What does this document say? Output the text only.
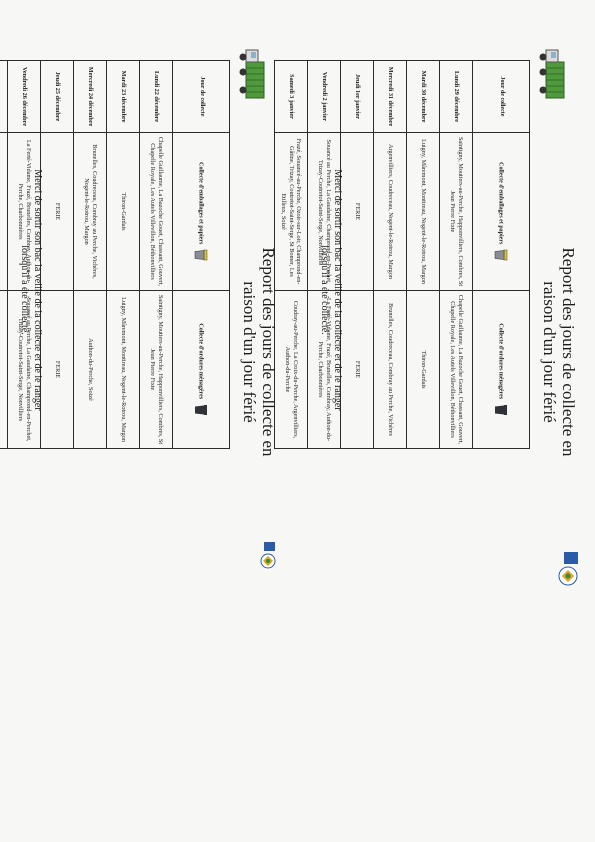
Report des jours de collecte en
raison d'un jour férié
Jour de collecte	Collecte d'emballages et papiers	Collecte d'ordures ménagères
Lundi 29 décembre	Saintigny, Moutiers-au-Perche, Happonvilliers, Combres, St Jean Pierre Fixte	Chapelle Guillaume, La Bazoche Gouet, Chassant, Gouvert, Chapelle Royale, Les Autels Villevillon, Béthonvilliers
Mardi 30 décembre	Luigny, Mâremont, Montireau, Nogent-le-Rotrou, Margon	Thiron-Gardais
Mercredi 31 décembre	Argenvilliers, Coudreceau, Nogent-le-Rotrou, Margon	Brunelles, Coudreceau, Combray au Perche, Vichères
Jeudi 1er janvier	FERIE	FERIE
Vendredi 2 janvier	Souancé au Perche, La Gaudaine, Champrond-en-Perchet, Trizay-Coutretot-Saint-Serge, Nonvilliers	La Ferté-Vidame, Frazé, Brunelles, Combray, Authon-du-Perche, Charbonnières
Samedi 3 janvier	Frazé, Souancé-au-Perche, Ozoir-sur-Loir, Champrond-en-Gâtine, Trizay, Coutretot-Saint-Serge, St Bomer, Les Etilleux, Soizé	Coudray-au-Perche, La Croix-du-Perche, Argenvilliers, Authon-du-Perche	Merci de sortir son bac la veille de la collecte et de le ranger
lorsqu'il a été collecté.
Report des jours de collecte en
raison d'un jour férié
Jour de collecte	Collecte d'emballages et papiers	Collecte d'ordures ménagères
Lundi 22 décembre	Chapelle Guillaume, La Bazoche Gouet, Chassant, Gouvert, Chapelle Royale, Les Autels Villevillon, Béthonvilliers	Saintigny, Moutiers-au-Perche, Happonvilliers, Combres, St Jean Pierre Fixte
Mardi 23 décembre	Thiron-Gardais	Luigny, Mâremont, Montireau, Nogent-le-Rotrou, Margon
Mercredi 24 décembre	Brunelles, Coudreceau, Combray au Perche, Vichères, Nogent-le-Rotrou, Margon	Authon-du-Perche, Soizé
Jeudi 25 décembre	FERIE	FERIE
Vendredi 26 décembre	La Ferté-Vidame, Frazé, Brunelles, Combray, Authon-du-Perche, Charbonnières	Souancé au Perche, La Gaudaine, Champrond-en-Perchet, Trizay-Coutretot-Saint-Serge, Nonvilliers
		Merci de sortir son bac la veille de la collecte et de le ranger
lorsqu'il a été collecté.
